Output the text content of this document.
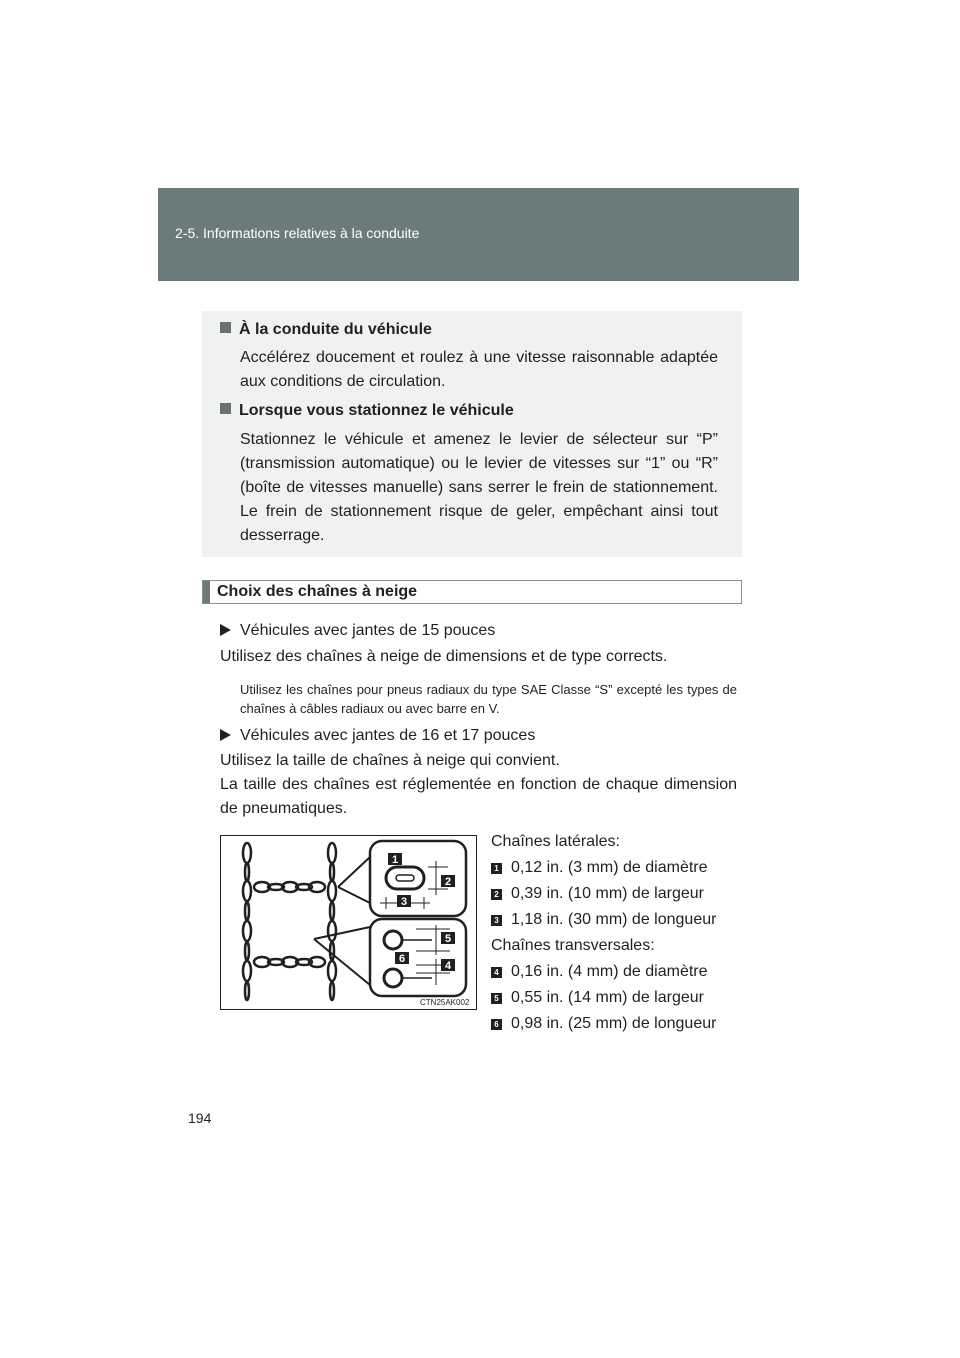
2-5. Informations relatives à la conduite
À la conduite du véhicule
Accélérez doucement et roulez à une vitesse raisonnable adaptée aux conditions de circulation.
Lorsque vous stationnez le véhicule
Stationnez le véhicule et amenez le levier de sélecteur sur “P” (transmission automatique) ou le levier de vitesses sur “1” ou “R” (boîte de vitesses manuelle) sans serrer le frein de stationnement. Le frein de stationnement risque de geler, empêchant ainsi tout desserrage.
Choix des chaînes à neige
Véhicules avec jantes de 15 pouces
Utilisez des chaînes à neige de dimensions et de type corrects.
Utilisez les chaînes pour pneus radiaux du type SAE Classe “S” excepté les types de chaînes à câbles radiaux ou avec barre en V.
Véhicules avec jantes de 16 et 17 pouces
Utilisez la taille de chaînes à neige qui convient.
La taille des chaînes est réglementée en fonction de chaque dimension de pneumatiques.
1
2
3
4
5
6
CTN25AK002
Chaînes latérales:
1 0,12 in. (3 mm) de diamètre
2 0,39 in. (10 mm) de largeur
3 1,18 in. (30 mm) de longueur
Chaînes transversales:
4 0,16 in. (4 mm) de diamètre
5 0,55 in. (14 mm) de largeur
6 0,98 in. (25 mm) de longueur
194
